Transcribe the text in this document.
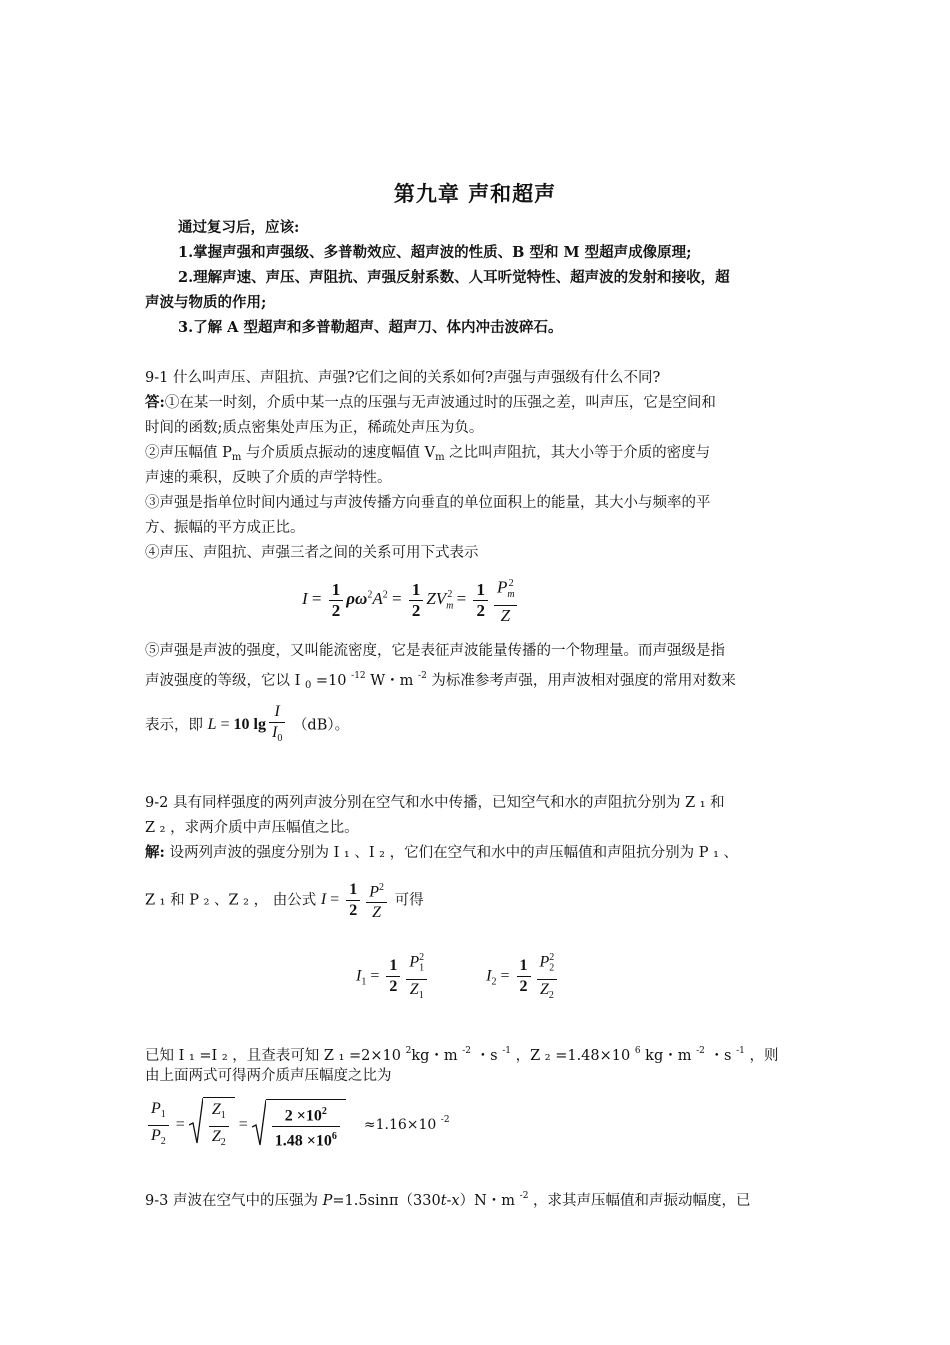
第九章 声和超声
通过复习后，应该:
1.掌握声强和声强级、多普勒效应、超声波的性质、B 型和 M 型超声成像原理;
2.理解声速、声压、声阻抗、声强反射系数、人耳听觉特性、超声波的发射和接收，超
声波与物质的作用;
3.了解 A 型超声和多普勒超声、超声刀、体内冲击波碎石。
9-1 什么叫声压、声阻抗、声强?它们之间的关系如何?声强与声强级有什么不同?
答:①在某一时刻，介质中某一点的压强与无声波通过时的压强之差，叫声压，它是空间和
时间的函数;质点密集处声压为正，稀疏处声压为负。
②声压幅值 $P_m$ 与介质质点振动的速度幅值 $V_m$ 之比叫声阻抗，其大小等于介质的密度与
声速的乘积，反映了介质的声学特性。
③声强是指单位时间内通过与声波传播方向垂直的单位面积上的能量，其大小与频率的平
方、振幅的平方成正比。
④声压、声阻抗、声强三者之间的关系可用下式表示
$I = \frac{1}{2} \rho\omega^2A^2 = \frac{1}{2} ZV_m^2 = \frac{1}{2} \frac{P_m^2}{Z}$
⑤声强是声波的强度，又叫能流密度，它是表征声波能量传播的一个物理量。而声强级是指
声波强度的等级，它以 I $_0$ =10 $^{-12}$ W・m $^{-2}$ 为标准参考声强，用声波相对强度的常用对数来
表示，即 L = 10 $\lg \frac{I}{I_0} (dB)$。
9-2 具有同样强度的两列声波分别在空气和水中传播，已知空气和水的声阻抗分别为 Z ₁ 和
Z ₂ ，求两介质中声压幅值之比。
解: 设两列声波的强度分别为 I ₁ 、I ₂ ，它们在空气和水中的声压幅值和声阻抗分别为 P ₁ 、
Z ₁ 和 P ₂ 、Z ₂ ， 由公式 $I = \frac{1}{2} \frac{P^2}{Z}$ 可得
$I_1 = \frac{1}{2} \frac{P_1^2}{Z_1}$	$I_2 = \frac{1}{2} \frac{P_2^2}{Z_2}$
已知 I ₁ =I ₂ ，且查表可知 Z ₁ =2×10 $^2$kg・m $^{-2}$ ・s $^{-1}$ ，Z ₂ =1.48×10 $^6$ kg・m $^{-2}$ ・s $^{-1}$ ，则
由上面两式可得两介质声压幅度之比为
$\frac{P_1}{P_2} = \frac{Z_1}{Z_2} = \frac{2 \times 10^2}{1.48 \times 10^6} \approx 1.16\times 10$ $^{-2}$
9-3 声波在空气中的压强为 P=1.5sinπ（330t-x）N・m $^{-2}$ ，求其声压幅值和声振动幅度，已
